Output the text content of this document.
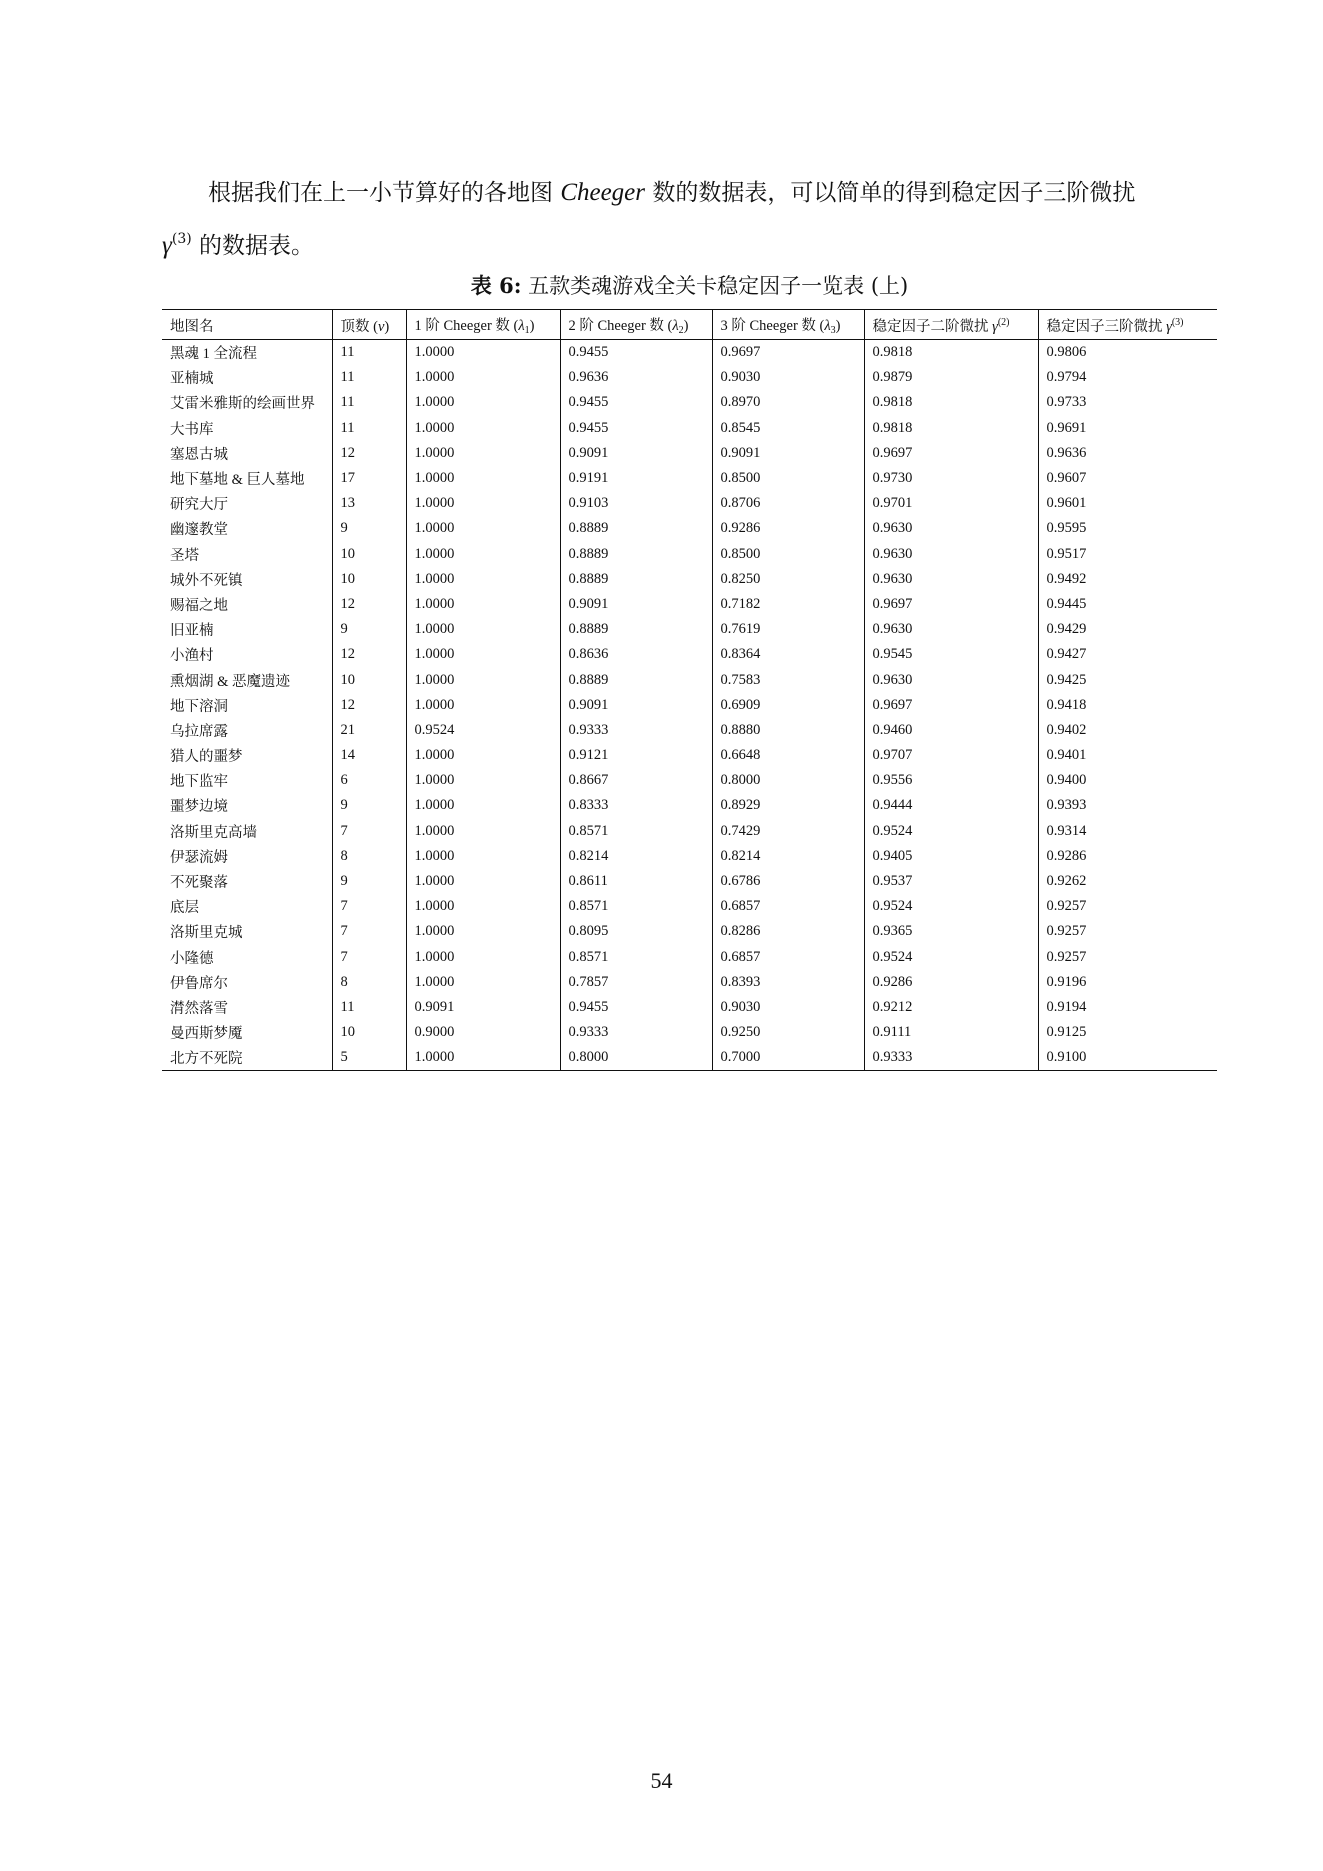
根据我们在上一小节算好的各地图 Cheeger 数的数据表，可以简单的得到稳定因子三阶微扰 $\gamma^{(3)}$ 的数据表。
表 6: 五款类魂游戏全关卡稳定因子一览表 (上)
地图名	顶数 (v)	1 阶 Cheeger 数 $(\lambda_1)$	2 阶 Cheeger 数 $(\lambda_2)$	3 阶 Cheeger 数 $(\lambda_3)$	稳定因子二阶微扰 $\gamma^{(2)}$	稳定因子三阶微扰 $\gamma^{(3)}$
黑魂 1 全流程	11	1.0000	0.9455	0.9697	0.9818	0.9806
亚楠城	11	1.0000	0.9636	0.9030	0.9879	0.9794
艾雷米雅斯的绘画世界	11	1.0000	0.9455	0.8970	0.9818	0.9733
大书库	11	1.0000	0.9455	0.8545	0.9818	0.9691
塞恩古城	12	1.0000	0.9091	0.9091	0.9697	0.9636
地下墓地 & 巨人墓地	17	1.0000	0.9191	0.8500	0.9730	0.9607
研究大厅	13	1.0000	0.9103	0.8706	0.9701	0.9601
幽邃教堂	9	1.0000	0.8889	0.9286	0.9630	0.9595
圣塔	10	1.0000	0.8889	0.8500	0.9630	0.9517
城外不死镇	10	1.0000	0.8889	0.8250	0.9630	0.9492
赐福之地	12	1.0000	0.9091	0.7182	0.9697	0.9445
旧亚楠	9	1.0000	0.8889	0.7619	0.9630	0.9429
小渔村	12	1.0000	0.8636	0.8364	0.9545	0.9427
熏烟湖 & 恶魔遗迹	10	1.0000	0.8889	0.7583	0.9630	0.9425
地下溶洞	12	1.0000	0.9091	0.6909	0.9697	0.9418
乌拉席露	21	0.9524	0.9333	0.8880	0.9460	0.9402
猎人的噩梦	14	1.0000	0.9121	0.6648	0.9707	0.9401
地下监牢	6	1.0000	0.8667	0.8000	0.9556	0.9400
噩梦边境	9	1.0000	0.8333	0.8929	0.9444	0.9393
洛斯里克高墙	7	1.0000	0.8571	0.7429	0.9524	0.9314
伊瑟流姆	8	1.0000	0.8214	0.8214	0.9405	0.9286
不死聚落	9	1.0000	0.8611	0.6786	0.9537	0.9262
底层	7	1.0000	0.8571	0.6857	0.9524	0.9257
洛斯里克城	7	1.0000	0.8095	0.8286	0.9365	0.9257
小隆德	7	1.0000	0.8571	0.6857	0.9524	0.9257
伊鲁席尔	8	1.0000	0.7857	0.8393	0.9286	0.9196
潸然落雪	11	0.9091	0.9455	0.9030	0.9212	0.9194
曼西斯梦魇	10	0.9000	0.9333	0.9250	0.9111	0.9125
北方不死院	5	1.0000	0.8000	0.7000	0.9333	0.9100
54
